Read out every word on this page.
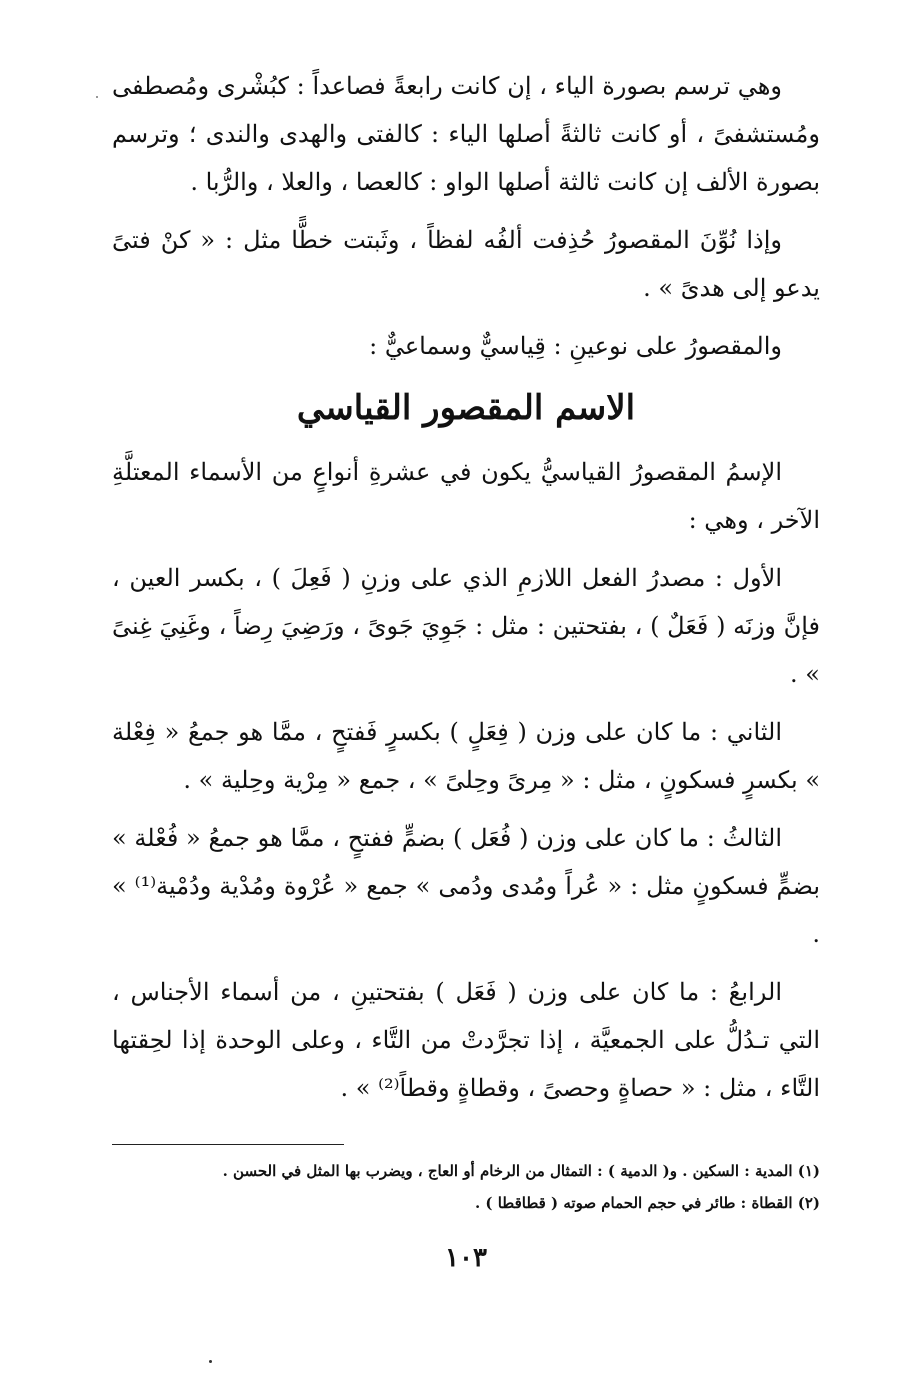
وهي ترسم بصورة الياء ، إن كانت رابعةً فصاعداً : كبُشْرى ومُصطفى ومُستشفىً ، أو كانت ثالثةً أصلها الياء : كالفتى والهدى والندى ؛ وترسم بصورة الألف إن كانت ثالثة أصلها الواو : كالعصا ، والعلا ، والرُّبا .

وإذا نُوِّنَ المقصورُ حُذِفت ألفُه لفظاً ، وثَبتت خطًّا مثل : « كنْ فتىً يدعو إلى هدىً » .

والمقصورُ على نوعينِ : قِياسيٌّ وسماعيٌّ :

الاسم المقصور القياسي

الإسمُ المقصورُ القياسيُّ يكون في عشرةِ أنواعٍ من الأسماء المعتلَّةِ الآخر ، وهي :

الأول : مصدرُ الفعل اللازمِ الذي على وزنِ ( فَعِلَ ) ، بكسر العين ، فإنَّ وزنَه ( فَعَلٌ ) ، بفتحتين : مثل : جَوِيَ جَوىً ، ورَضِيَ رِضاً ، وغَنِيَ غِنىً » .

الثاني : ما كان على وزن ( فِعَلٍ ) بكسرٍ فَفتحٍ ، ممَّا هو جمعُ « فِعْلة » بكسرٍ فسكونٍ ، مثل : « مِرىً وحِلىً » ، جمع « مِرْية وحِلية » .

الثالثُ : ما كان على وزن ( فُعَل ) بضمٍّ ففتحٍ ، ممَّا هو جمعُ « فُعْلة » بضمٍّ فسكونٍ مثل : « عُراً ومُدى ودُمى » جمع « عُرْوة ومُدْية ودُمْية⁽¹⁾ » .

الرابعُ : ما كان على وزن ( فَعَل ) بفتحتينِ ، من أسماء الأجناس ، التي تـدُلُّ على الجمعيَّة ، إذا تجرَّدتْ من التَّاء ، وعلى الوحدة إذا لحِقتها التَّاء ، مثل : « حصاةٍ وحصىً ، وقطاةٍ وقطاً⁽²⁾ » .

(١) المدية : السكين . و( الدمية ) : التمثال من الرخام أو العاج ، ويضرب بها المثل في الحسن .

(٢) القطاة : طائر في حجم الحمام صوته ( قطاقطا ) .

١٠٣
